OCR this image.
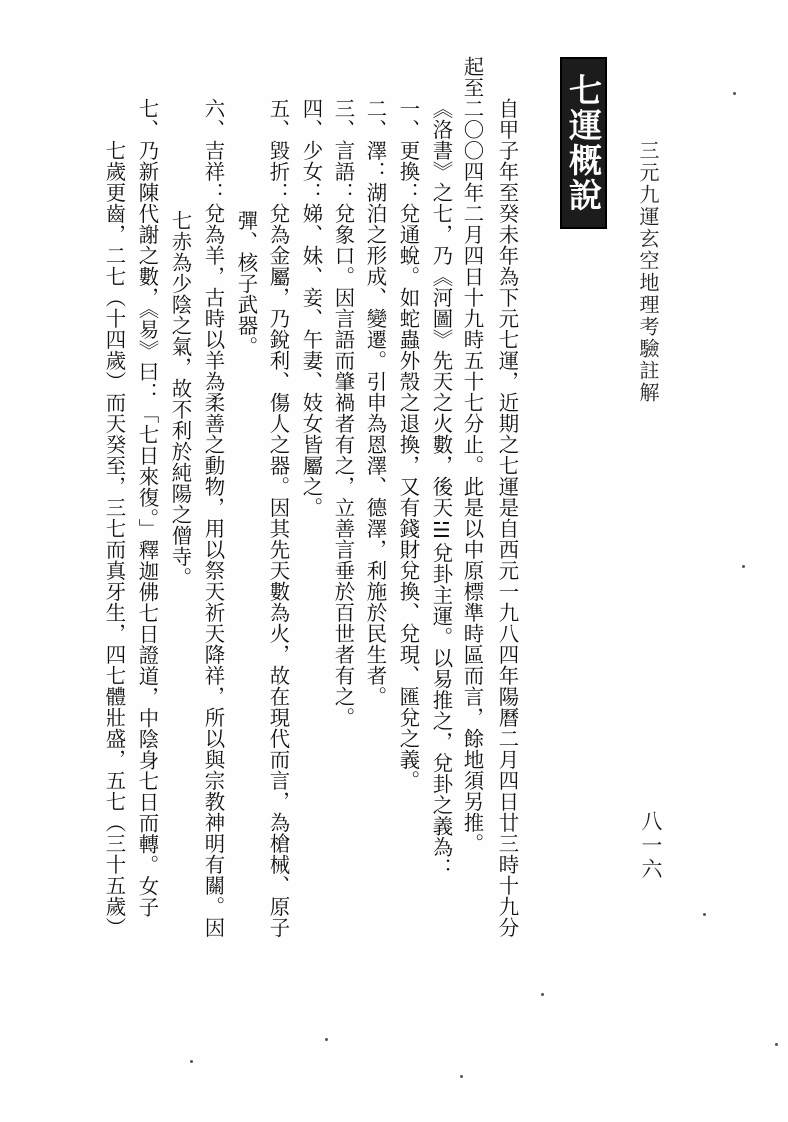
三元九運玄空地理考驗註解
八一六
七運概說
自甲子年至癸未年為下元七運，近期之七運是自西元一九八四年陽曆二月四日廿三時十九分
起至二〇〇四年二月四日十九時五十七分止。此是以中原標準時區而言，餘地須另推。
《洛書》之七，乃《河圖》先天之火數，後天☱兌卦主運。以易推之，兌卦之義為：
一、更換：兌通蛻。如蛇蟲外殼之退換，又有錢財兌換、兌現、匯兌之義。
二、澤：湖泊之形成、變遷。引申為恩澤、德澤，利施於民生者。
三、言語：兌象口。因言語而肇禍者有之，立善言垂於百世者有之。
四、少女：娣、妹、妾、午妻、妓女皆屬之。
五、毀折：兌為金屬，乃銳利、傷人之器。因其先天數為火，故在現代而言，為槍械、原子
彈、核子武器。
六、吉祥：兌為羊，古時以羊為柔善之動物，用以祭天祈天降祥，所以與宗教神明有關。因
七赤為少陰之氣，故不利於純陽之僧寺。
七、乃新陳代謝之數，《易》曰：「七日來復。」釋迦佛七日證道，中陰身七日而轉。女子
七歲更齒，二七（十四歲）而天癸至，三七而真牙生，四七體壯盛，五七（三十五歲）
